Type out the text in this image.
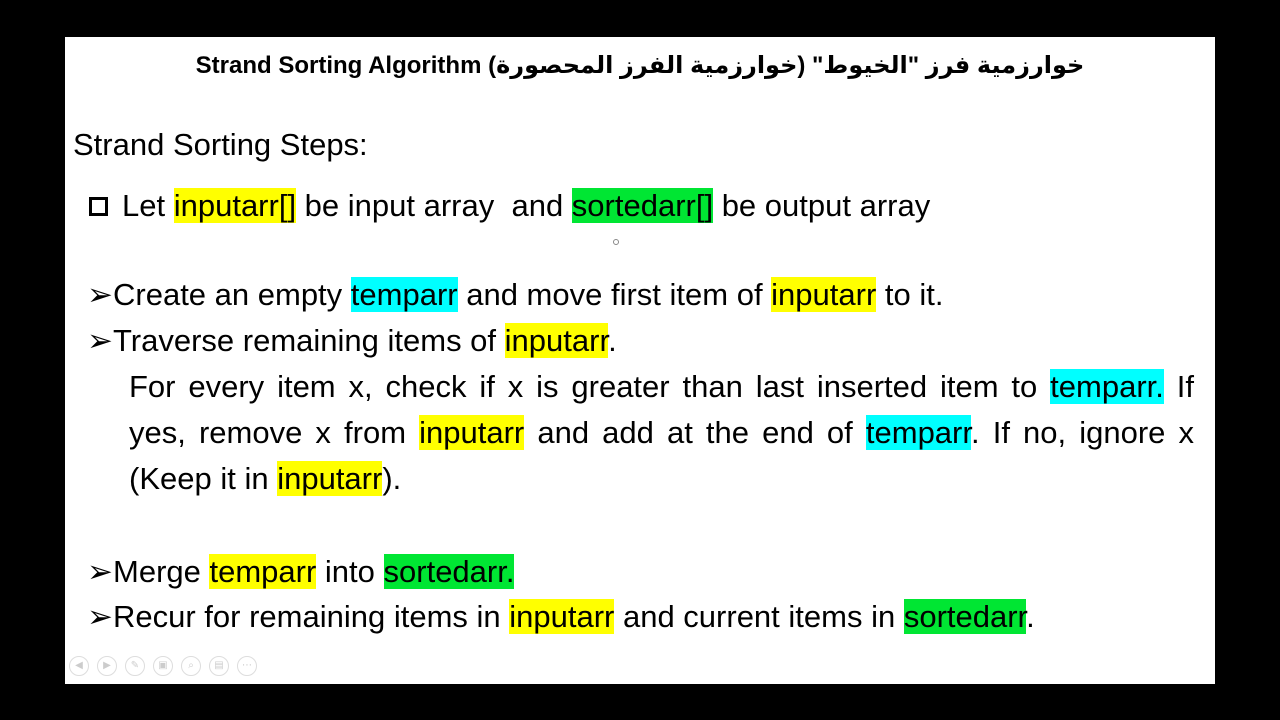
خوارزمية فرز "الخيوط" (خوارزمية الفرز المحصورة) Strand Sorting Algorithm
Strand Sorting Steps:
Let inputarr[] be input array  and sortedarr[] be output array
➢Create an empty temparr and move first item of inputarr to it.
➢Traverse remaining items of inputarr.
For every item x, check if x is greater than last inserted item to temparr. If yes, remove x from inputarr and add at the end of temparr. If no, ignore x (Keep it in inputarr).
➢Merge temparr into sortedarr.
➢Recur for remaining items in inputarr and current items in sortedarr.
◀	▶	✎	▣	⌕	▤	⋯
